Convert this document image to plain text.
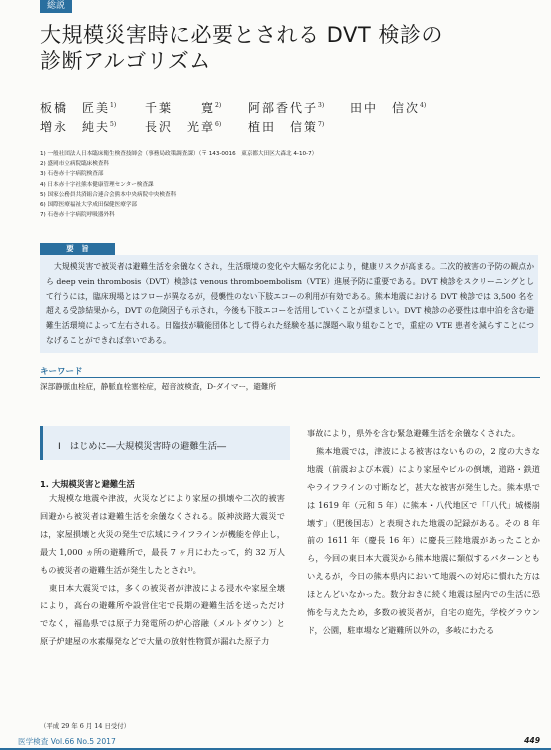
総説
大規模災害時に必要とされる DVT 検診の
診断アルゴリズム
板橋　匠美$^{1)}$ 千葉　　寛$^{2)}$ 阿部香代子$^{3)}$ 田中　信次$^{4)}$
増永　純夫$^{5)}$ 長沢　光章$^{6)}$ 植田　信策$^{7)}$
1) 一般社団法人日本臨床衛生検査技師会（事務局政策調査課）（〒 143-0016　東京都大田区大森北 4-10-7）
2) 盛岡市立病院臨床検査科
3) 石巻赤十字病院検査部
4) 日本赤十字社熊本健康管理センター検査課
5) 国家公務員共済組合連合会熊本中央病院中央検査科
6) 国際医療福祉大学成田保健医療学部
7) 石巻赤十字病院呼吸器外科
要　旨
大規模災害で被災者は避難生活を余儀なくされ，生活環境の変化や大幅な劣化により，健康リスクが高まる。二次的被害の予防の観点から deep vein thrombosis（DVT）検診は venous thromboembolism（VTE）進展予防に重要である。DVT 検診をスクリーニングとして行うには，臨床現場とはフローが異なるが，侵襲性のない下肢エコーの利用が有効である。熊本地震における DVT 検診では 3,500 名を超える受診結果から，DVT の危険因子も示され，今後も下肢エコーを活用していくことが望ましい。DVT 検診の必要性は車中泊を含む避難生活環境によって左右される。日臨技が職能団体として得られた経験を基に課題へ取り組むことで，重症の VTE 患者を減らすことにつなげることができれば幸いである。
キーワード
深部静脈血栓症，静脈血栓塞栓症，超音波検査，D-ダイマー，避難所
I　はじめに―大規模災害時の避難生活―
1. 大規模災害と避難生活

大規模な地震や津波，火災などにより家屋の損壊や二次的被害回避から被災者は避難生活を余儀なくされる。阪神淡路大震災では，家屋損壊と火災の発生で広域にライフラインが機能を停止し，最大 1,000 ヵ所の避難所で，最長 7 ヶ月にわたって，約 32 万人もの被災者の避難生活が発生したとされ¹⁾。

東日本大震災では，多くの被災者が津波による浸水や家屋全壊により，高台の避難所や設営住宅で長期の避難生活を送っただけでなく，福島県では原子力発電所の炉心溶融（メルトダウン）と原子炉建屋の水素爆発などで大量の放射性物質が漏れた原子力

事故により，県外を含む緊急避難生活を余儀なくされた。

熊本地震では，津波による被害はないものの，2 度の大きな地震（前震および本震）により家屋やビルの倒壊，道路・鉄道やライフラインの寸断など，甚大な被害が発生した。熊本県では 1619 年（元和 5 年）に熊本・八代地区で「「八代」城楼崩壊す」（肥後国志）と表現された地震の記録がある。その 8 年前の 1611 年（慶長 16 年）に慶長三陸地震があったことから，今回の東日本大震災から熊本地震に類似するパターンともいえるが，今日の熊本県内において地震への対応に慣れた方はほとんどいなかった。数分おきに続く地震は屋内での生活に恐怖を与えたため，多数の被災者が，自宅の庭先，学校グラウンド，公園，駐車場など避難所以外の，多岐にわたる

（平成 29 年 6 月 14 日受付）
医学検査 Vol.66 No.5 2017	449
